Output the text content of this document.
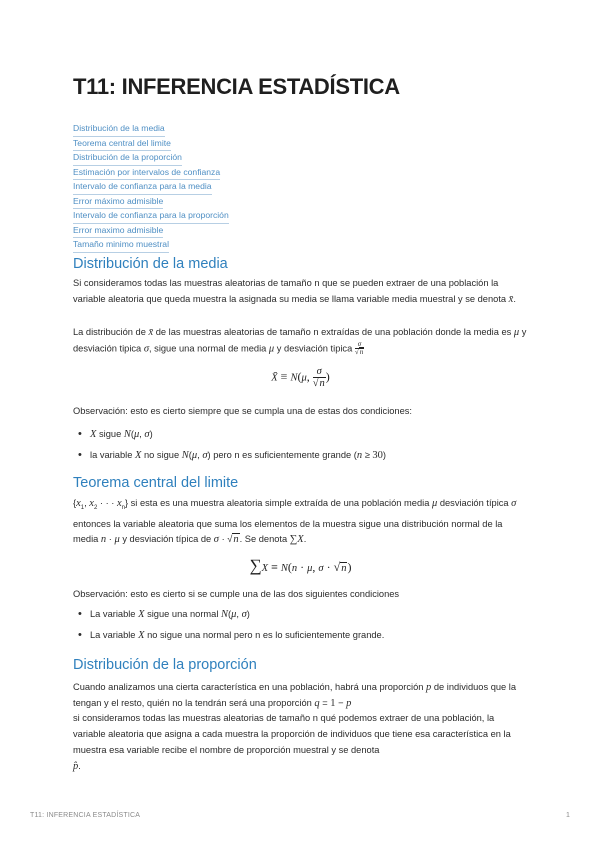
T11: INFERENCIA ESTADÍSTICA
Distribución de la media
Teorema central del limite
Distribución de la proporción
Estimación por intervalos de confianza
Intervalo de confianza para la media
Error máximo admisible
Intervalo de confianza para la proporción
Error maximo admisible
Tamaño minimo muestral
Distribución de la media

Si consideramos todas las muestras aleatorias de tamaño n que se pueden extraer de una población la variable aleatoria que queda muestra la asignada su media se llama variable media muestral y se denota x̄.

La distribución de x̄ de las muestras aleatorias de tamaño n extraídas de una población donde la media es μ y desviación tipica σ, sigue una normal de media μ y desviación tipica $\frac{\sigma}{√n}$

X̄ ≡ N(μ, $\frac{\sigma}{√n}$ )

Observación: esto es cierto siempre que se cumpla una de estas dos condiciones:

• X sigue N(μ, σ)
• la variable X no sigue N(μ, σ) pero n es suficientemente grande (n ≥ 30)
Teorema central del limite

{$x_1$, $x_2$ · · · $x_n$} si esta es una muestra aleatoria simple extraída de una población media μ desviación típica σ entonces la variable aleatoria que suma los elementos de la muestra sigue una distribución normal de la media n · μ y desviación típica de σ · √n. Se denota ∑X.

∑X ≡ N(n · μ, σ · √n)

Observación: esto es cierto si se cumple una de las dos siguientes condiciones

• La variable X sigue una normal N(μ, σ)
• La variable X no sigue una normal pero n es lo suficientemente grande.
Distribución de la proporción

Cuando analizamos una cierta característica en una población, habrá una proporción p de individuos que la tengan y el resto, quién no la tendrán será una proporción q = 1 − p
si consideramos todas las muestras aleatorias de tamaño n qué podemos extraer de una población, la variable aleatoria que asigna a cada muestra la proporción de individuos que tiene esa característica en la muestra esa variable recibe el nombre de proporción muestral y se denota
p̂.

T11: INFERENCIA ESTADÍSTICA	1
